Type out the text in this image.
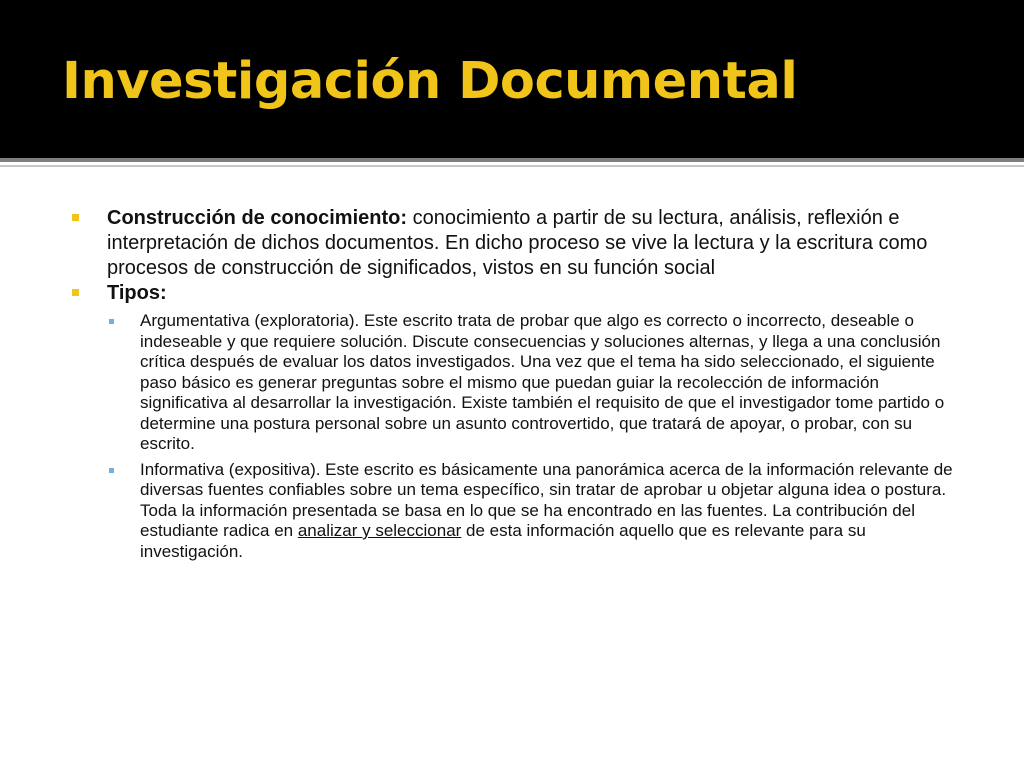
Investigación Documental
Construcción de conocimiento: conocimiento a partir de su lectura, análisis, reflexión e interpretación de dichos documentos. En dicho proceso se vive la lectura y la escritura como procesos de construcción de significados, vistos en su función social
Tipos:
Argumentativa (exploratoria). Este escrito trata de probar que algo es correcto o incorrecto, deseable o indeseable y que requiere solución. Discute consecuencias y soluciones alternas, y llega a una conclusión crítica después de evaluar los datos investigados. Una vez que el tema ha sido seleccionado, el siguiente paso básico es generar preguntas sobre el mismo que puedan guiar la recolección de información significativa al desarrollar la investigación. Existe también el requisito de que el investigador tome partido o determine una postura personal sobre un asunto controvertido, que tratará de apoyar, o probar, con su escrito.
Informativa (expositiva). Este escrito es básicamente una panorámica acerca de la información relevante de diversas fuentes confiables sobre un tema específico, sin tratar de aprobar u objetar alguna idea o postura. Toda la información presentada se basa en lo que se ha encontrado en las fuentes. La contribución del estudiante radica en analizar y seleccionar de esta información aquello que es relevante para su investigación.
